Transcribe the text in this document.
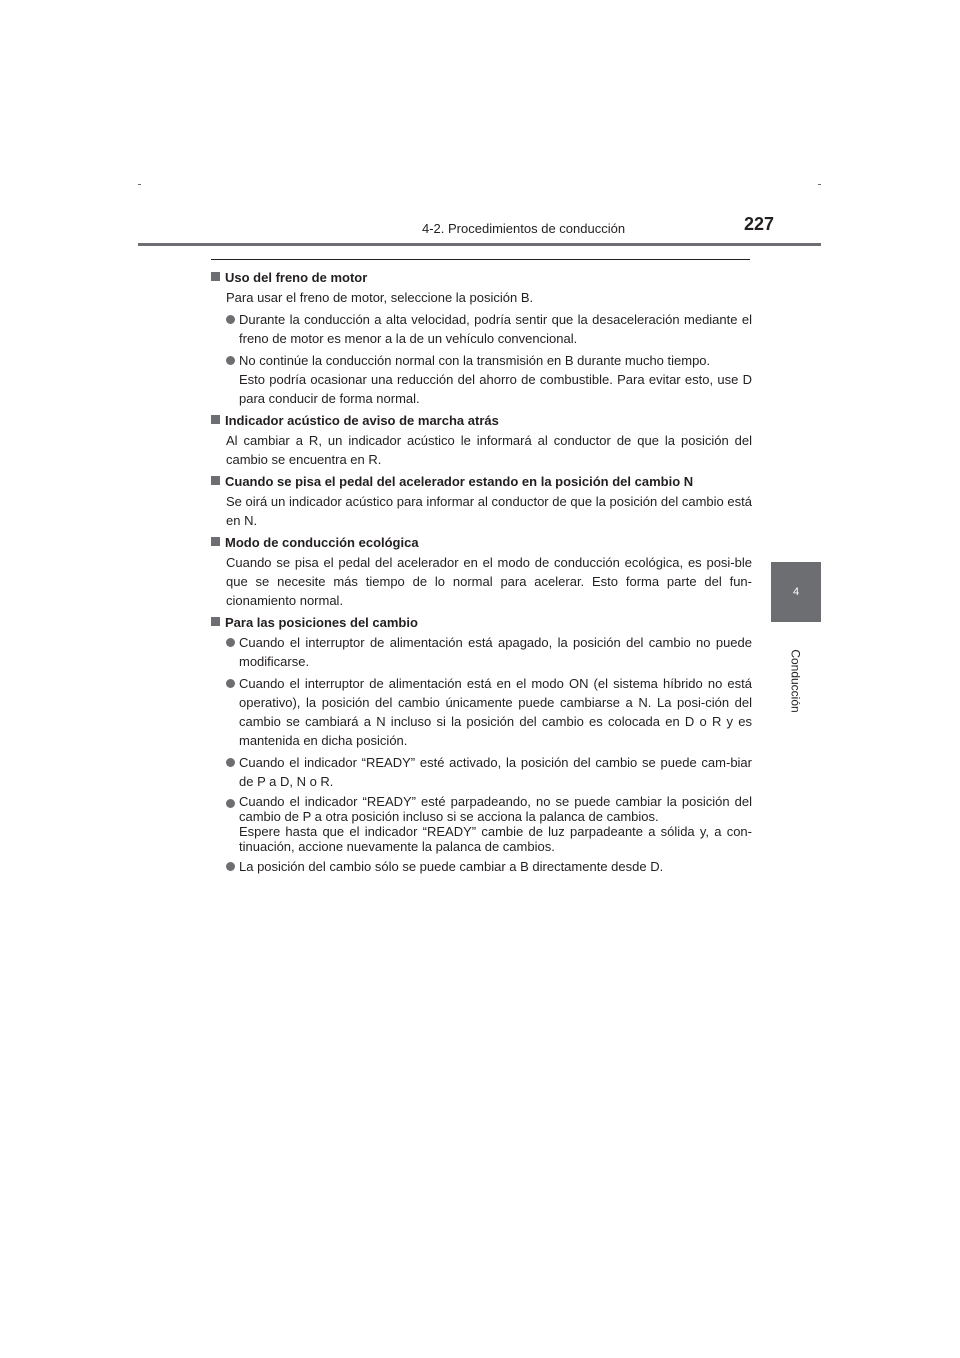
4-2. Procedimientos de conducción	227
4
Conducción
Uso del freno de motor
Para usar el freno de motor, seleccione la posición B.
Durante la conducción a alta velocidad, podría sentir que la desaceleración mediante el freno de motor es menor a la de un vehículo convencional.
No continúe la conducción normal con la transmisión en B durante mucho tiempo.
Esto podría ocasionar una reducción del ahorro de combustible. Para evitar esto, use D para conducir de forma normal.
Indicador acústico de aviso de marcha atrás
Al cambiar a R, un indicador acústico le informará al conductor de que la posición del cambio se encuentra en R.
Cuando se pisa el pedal del acelerador estando en la posición del cambio N
Se oirá un indicador acústico para informar al conductor de que la posición del cambio está en N.
Modo de conducción ecológica
Cuando se pisa el pedal del acelerador en el modo de conducción ecológica, es posi-ble que se necesite más tiempo de lo normal para acelerar. Esto forma parte del fun-cionamiento normal.
Para las posiciones del cambio
Cuando el interruptor de alimentación está apagado, la posición del cambio no puede modificarse.
Cuando el interruptor de alimentación está en el modo ON (el sistema híbrido no está operativo), la posición del cambio únicamente puede cambiarse a N. La posi-ción del cambio se cambiará a N incluso si la posición del cambio es colocada en D o R y es mantenida en dicha posición.
Cuando el indicador “READY” esté activado, la posición del cambio se puede cam-biar de P a D, N o R.
Cuando el indicador “READY” esté parpadeando, no se puede cambiar la posición del cambio de P a otra posición incluso si se acciona la palanca de cambios.
Espere hasta que el indicador “READY” cambie de luz parpadeante a sólida y, a con-tinuación, accione nuevamente la palanca de cambios.
La posición del cambio sólo se puede cambiar a B directamente desde D.
